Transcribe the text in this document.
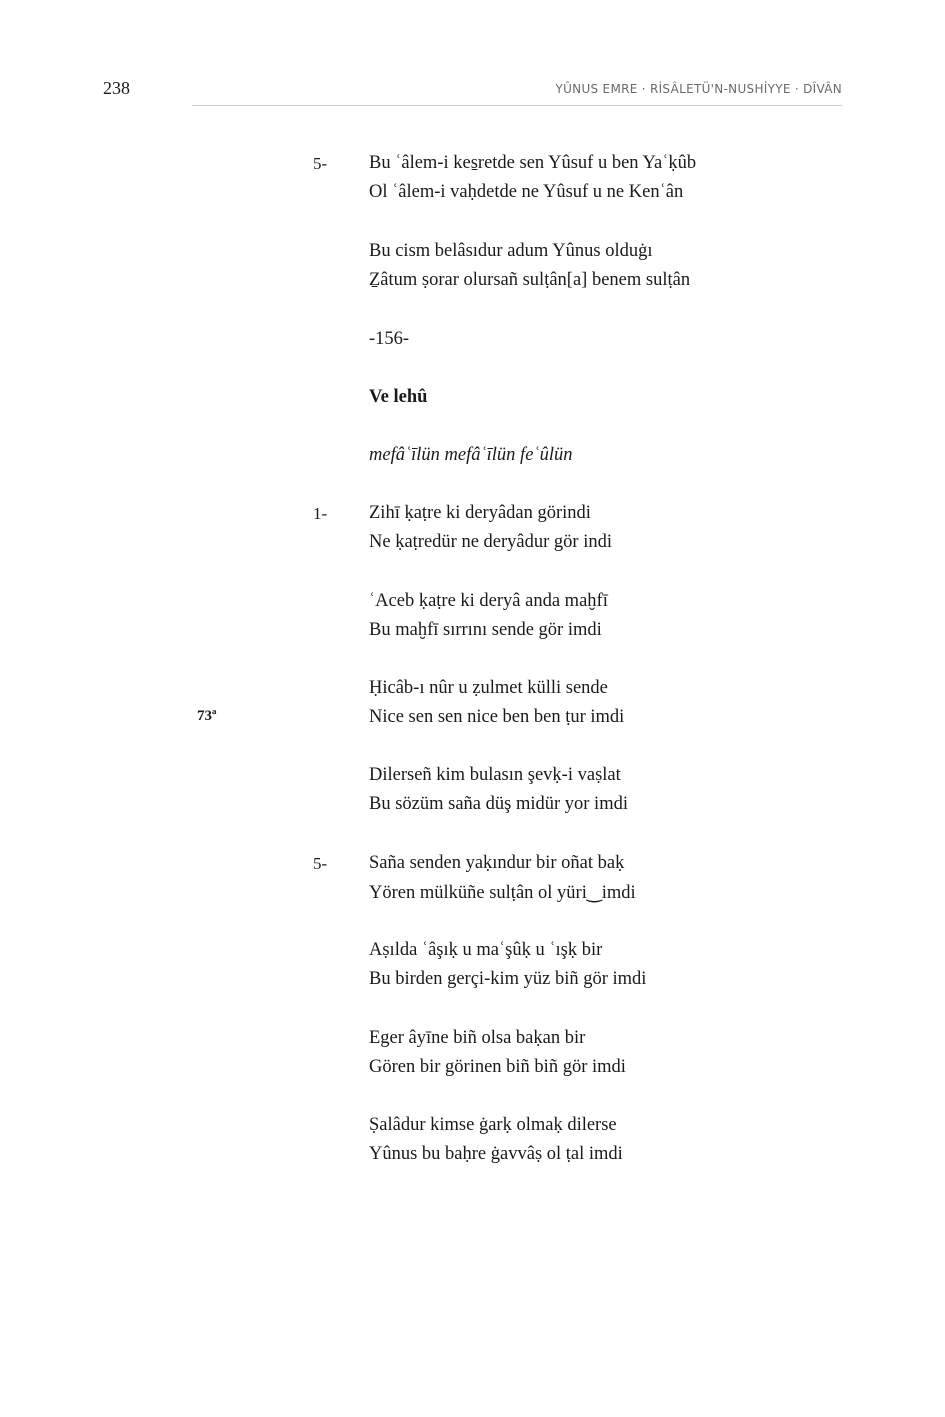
238	YÛNUS EMRE · RİSÂLETÜ'N-NUSHİYYE · DÎVÂN
5- Bu ʿâlem-i kes̱retde sen Yûsuf u ben Yaʿḳûb
Ol ʿâlem-i vaḥdetde ne Yûsuf u ne Kenʿân
Bu cism belâsıdur adum Yûnus olduġı
Ẕâtum ṣorar olursañ sulṭân[a] benem sulṭân
-156-
Ve lehû
mefâʿīlün mefâʿīlün feʿûlün
1- Zihī ḳaṭre ki deryâdan görindi
Ne ḳaṭredür ne deryâdur gör indi
ʿAceb ḳaṭre ki deryâ anda maḫfī
Bu maḫfī sırrını sende gör imdi
Ḥicâb-ı nûr u ẓulmet külli sende
73ª	Nice sen sen nice ben ben ṭur imdi
Dilerseñ kim bulasın şevḳ-i vaṣlat
Bu sözüm saña düş midür yor imdi
5- Saña senden yaḳındur bir oñat baḳ
Yören mülküñe sulṭân ol yüri‿imdi
Aṣılda ʿâşıḳ u maʿşûḳ u ʿışḳ bir
Bu birden gerçi-kim yüz biñ gör imdi
Eger âyīne biñ olsa baḳan bir
Gören bir görinen biñ biñ gör imdi
Ṣalâdur kimse ġarḳ olmaḳ dilerse
Yûnus bu baḥre ġavvâṣ ol ṭal imdi
